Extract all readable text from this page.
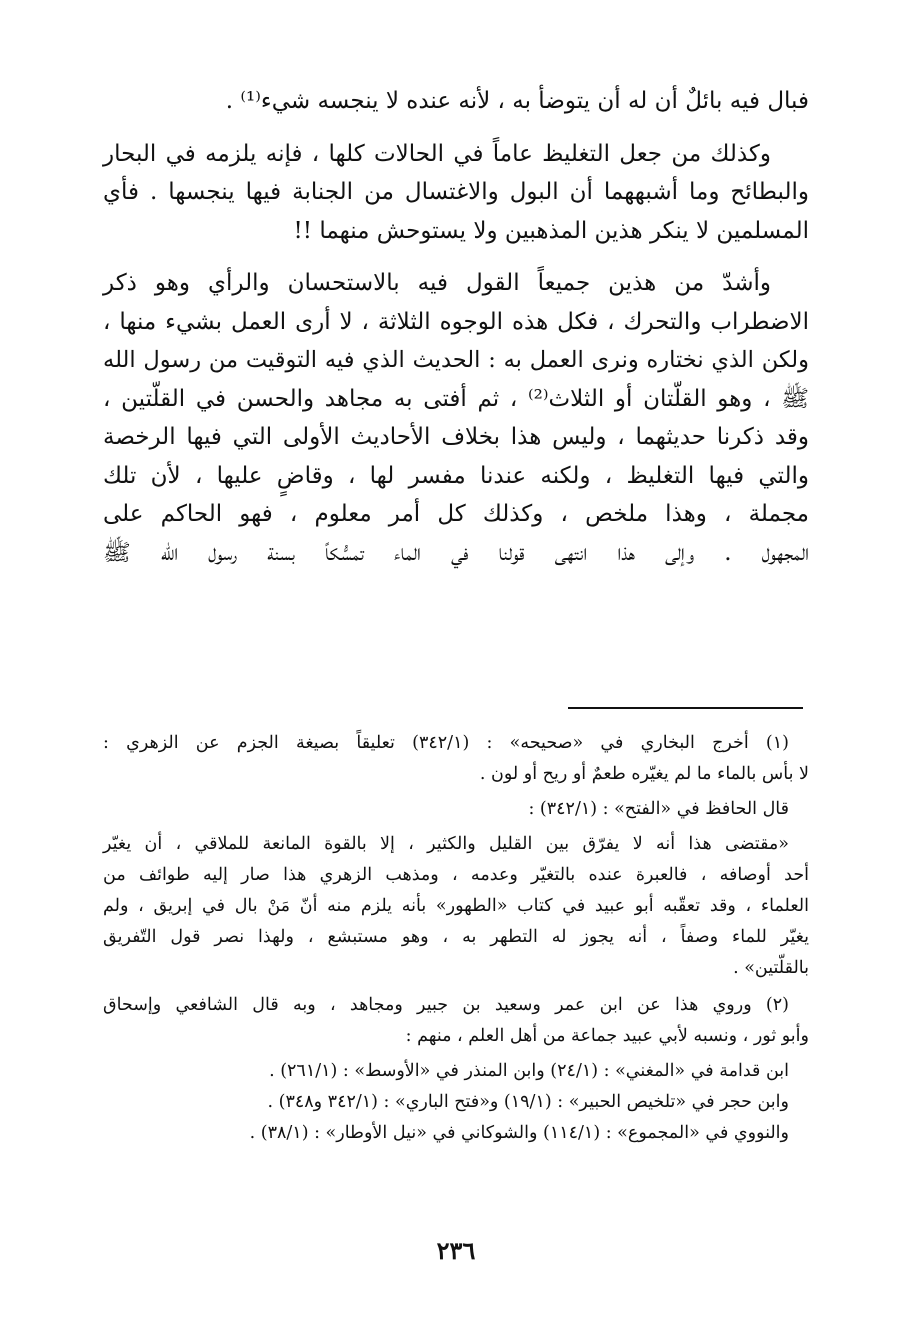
فبال فيه بائلٌ أن له أن يتوضأ به ، لأنه عنده لا ينجسه شيء⁽¹⁾ .

وكذلك من جعل التغليظ عاماً في الحالات كلها ، فإنه يلزمه في البحار
والبطائح وما أشبههما أن البول والاغتسال من الجنابة فيها ينجسها . فأي
المسلمين لا ينكر هذين المذهبين ولا يستوحش منهما !!

وأشدّ من هذين جميعاً القول فيه بالاستحسان والرأي وهو ذكر
الاضطراب والتحرك ، فكل هذه الوجوه الثلاثة ، لا أرى العمل بشيء منها ،
ولكن الذي نختاره ونرى العمل به : الحديث الذي فيه التوقيت من رسول الله
ﷺ ، وهو القلّتان أو الثلاث⁽²⁾ ، ثم أفتى به مجاهد والحسن في القلّتين ،
وقد ذكرنا حديثهما ، وليس هذا بخلاف الأحاديث الأولى التي فيها الرخصة
والتي فيها التغليظ ، ولكنه عندنا مفسر لها ، وقاضٍ عليها ، لأن تلك
مجملة ، وهذا ملخص ، وكذلك كل أمر معلوم ، فهو الحاكم على
المجهول . وإلى هذا انتهى قولنا في الماء تمسُّكاً بسنة رسول الله ﷺ

(١) أخرج البخاري في «صحيحه» : (٣٤٢/١) تعليقاً بصيغة الجزم عن الزهري :
لا بأس بالماء ما لم يغيّره طعمٌ أو ريح أو لون .
قال الحافظ في «الفتح» : (٣٤٢/١) :
«مقتضى هذا أنه لا يفرّق بين القليل والكثير ، إلا بالقوة المانعة للملاقي ، أن يغيّر
أحد أوصافه ، فالعبرة عنده بالتغيّر وعدمه ، ومذهب الزهري هذا صار إليه طوائف من
العلماء ، وقد تعقّبه أبو عبيد في كتاب «الطهور» بأنه يلزم منه أنّ مَنْ بال في إبريق ، ولم
يغيّر للماء وصفاً ، أنه يجوز له التطهر به ، وهو مستبشع ، ولهذا نصر قول التّفريق
بالقلّتين» .
(٢) وروي هذا عن ابن عمر وسعيد بن جبير ومجاهد ، وبه قال الشافعي وإسحاق
وأبو ثور ، ونسبه لأبي عبيد جماعة من أهل العلم ، منهم :
ابن قدامة في «المغني» : (٢٤/١) وابن المنذر في «الأوسط» : (٢٦١/١) .
وابن حجر في «تلخيص الحبير» : (١٩/١) و«فتح الباري» : (٣٤٢/١ و٣٤٨) .
والنووي في «المجموع» : (١١٤/١) والشوكاني في «نيل الأوطار» : (٣٨/١) .
٢٣٦
